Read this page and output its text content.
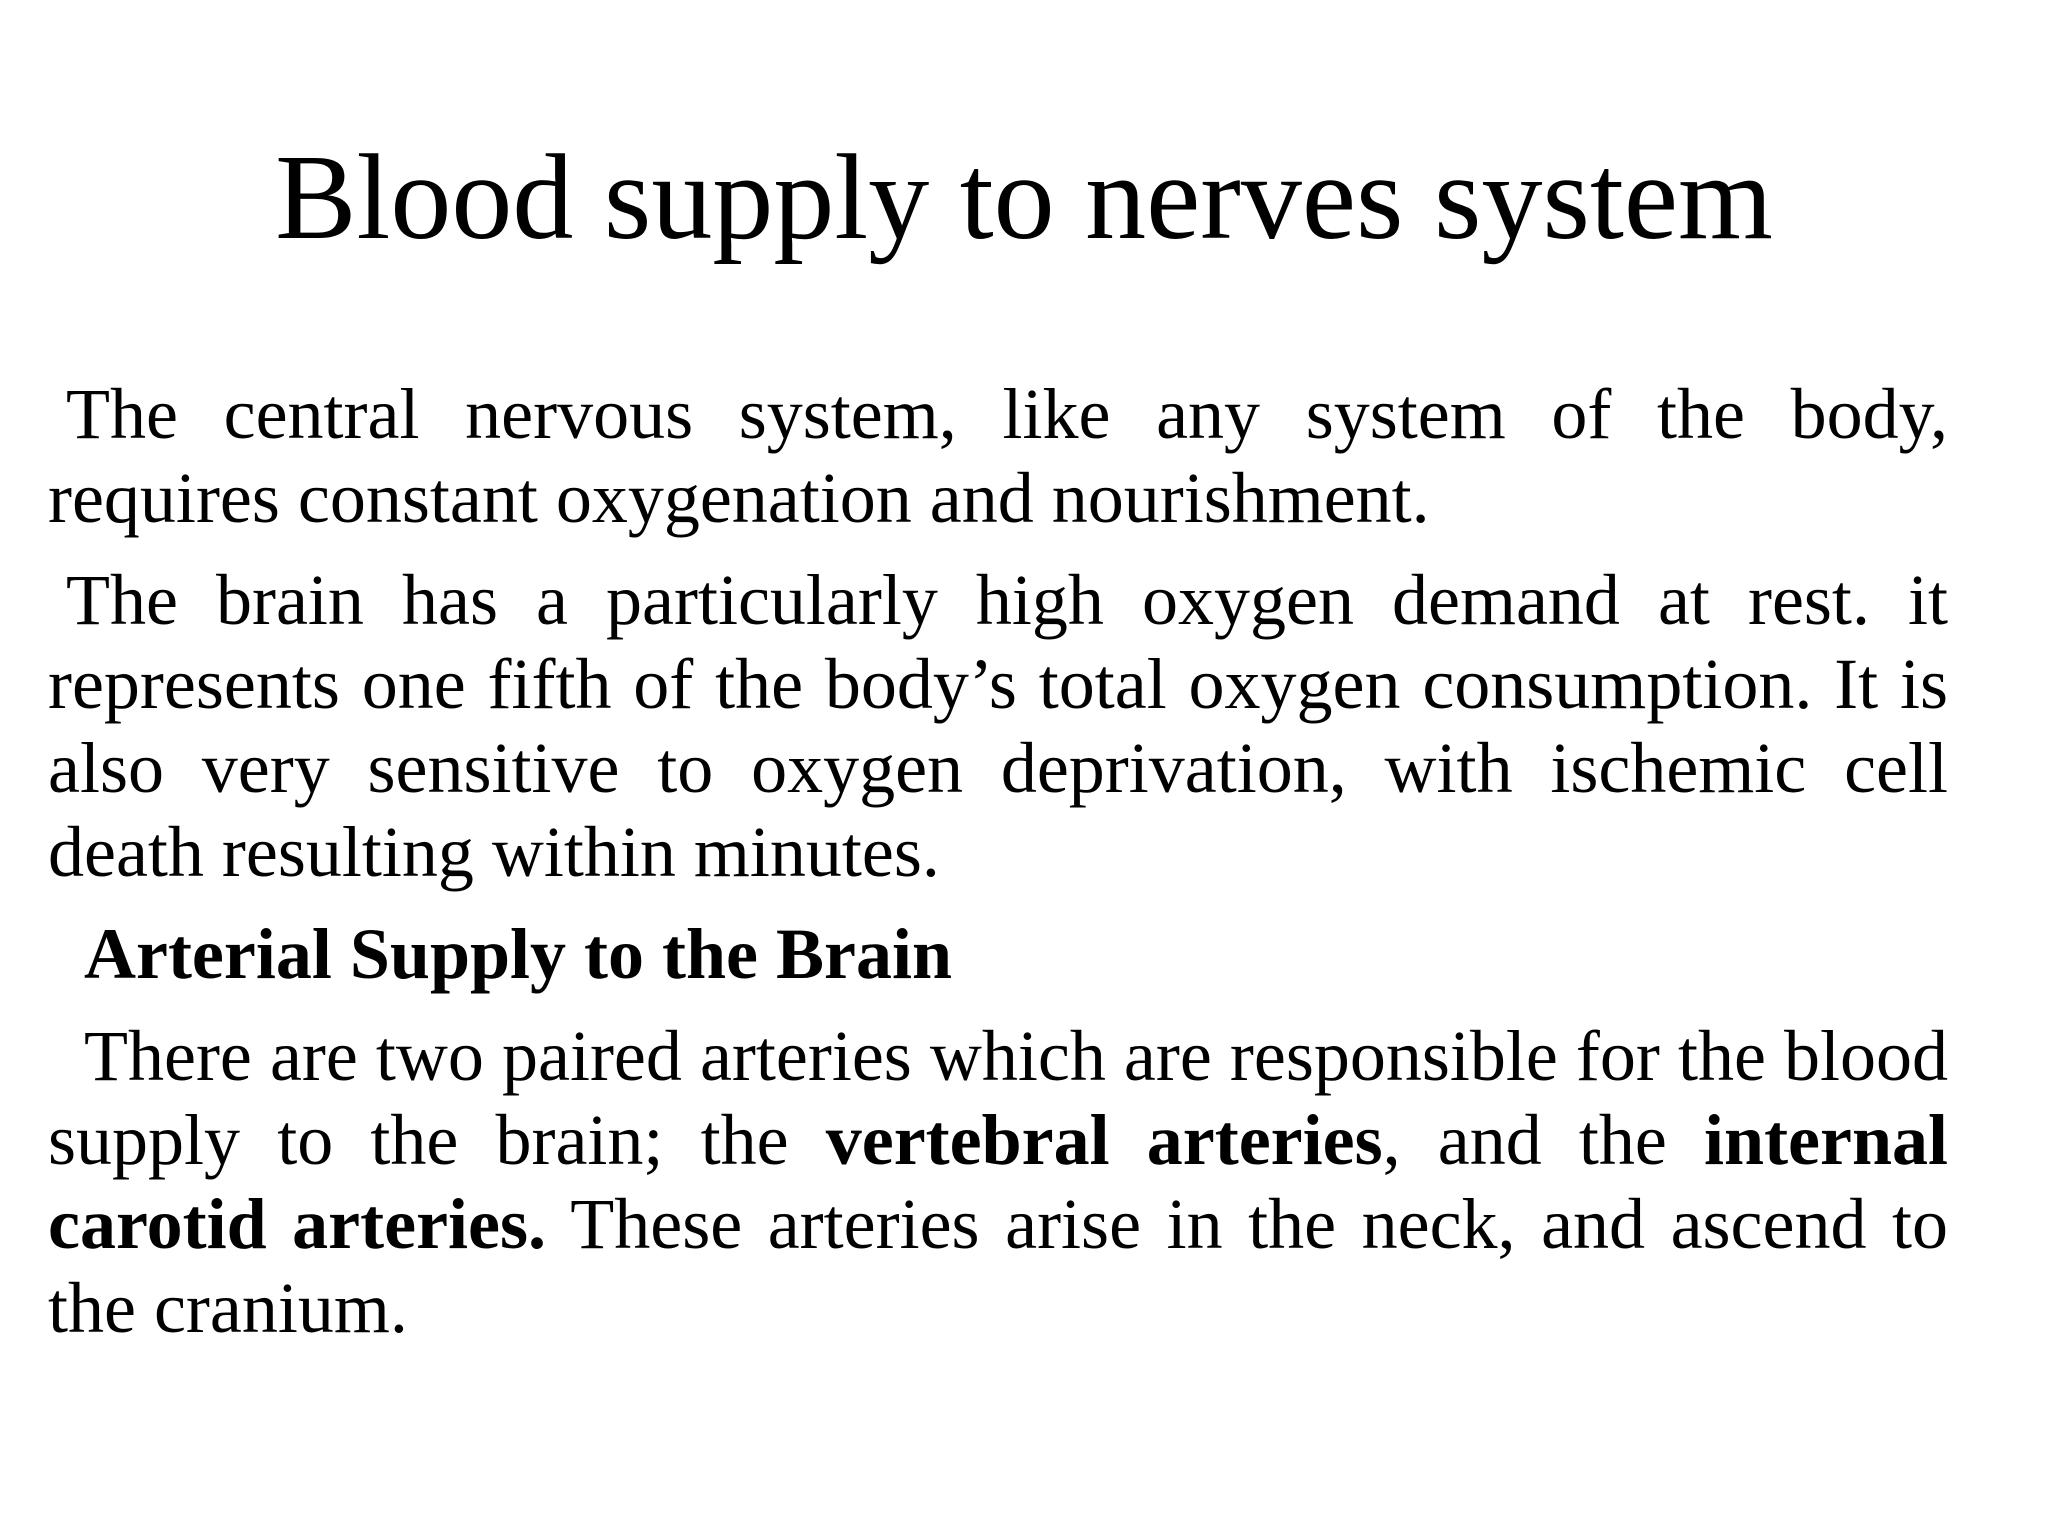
Blood supply to nerves system

The central nervous system, like any system of the body, requires constant oxygenation and nourishment.

The brain has a particularly high oxygen demand at rest. it represents one fifth of the body’s total oxygen consumption. It is also very sensitive to oxygen deprivation, with ischemic cell death resulting within minutes.

Arterial Supply to the Brain

There are two paired arteries which are responsible for the blood supply to the brain; the vertebral arteries, and the internal carotid arteries. These arteries arise in the neck, and ascend to the cranium.
